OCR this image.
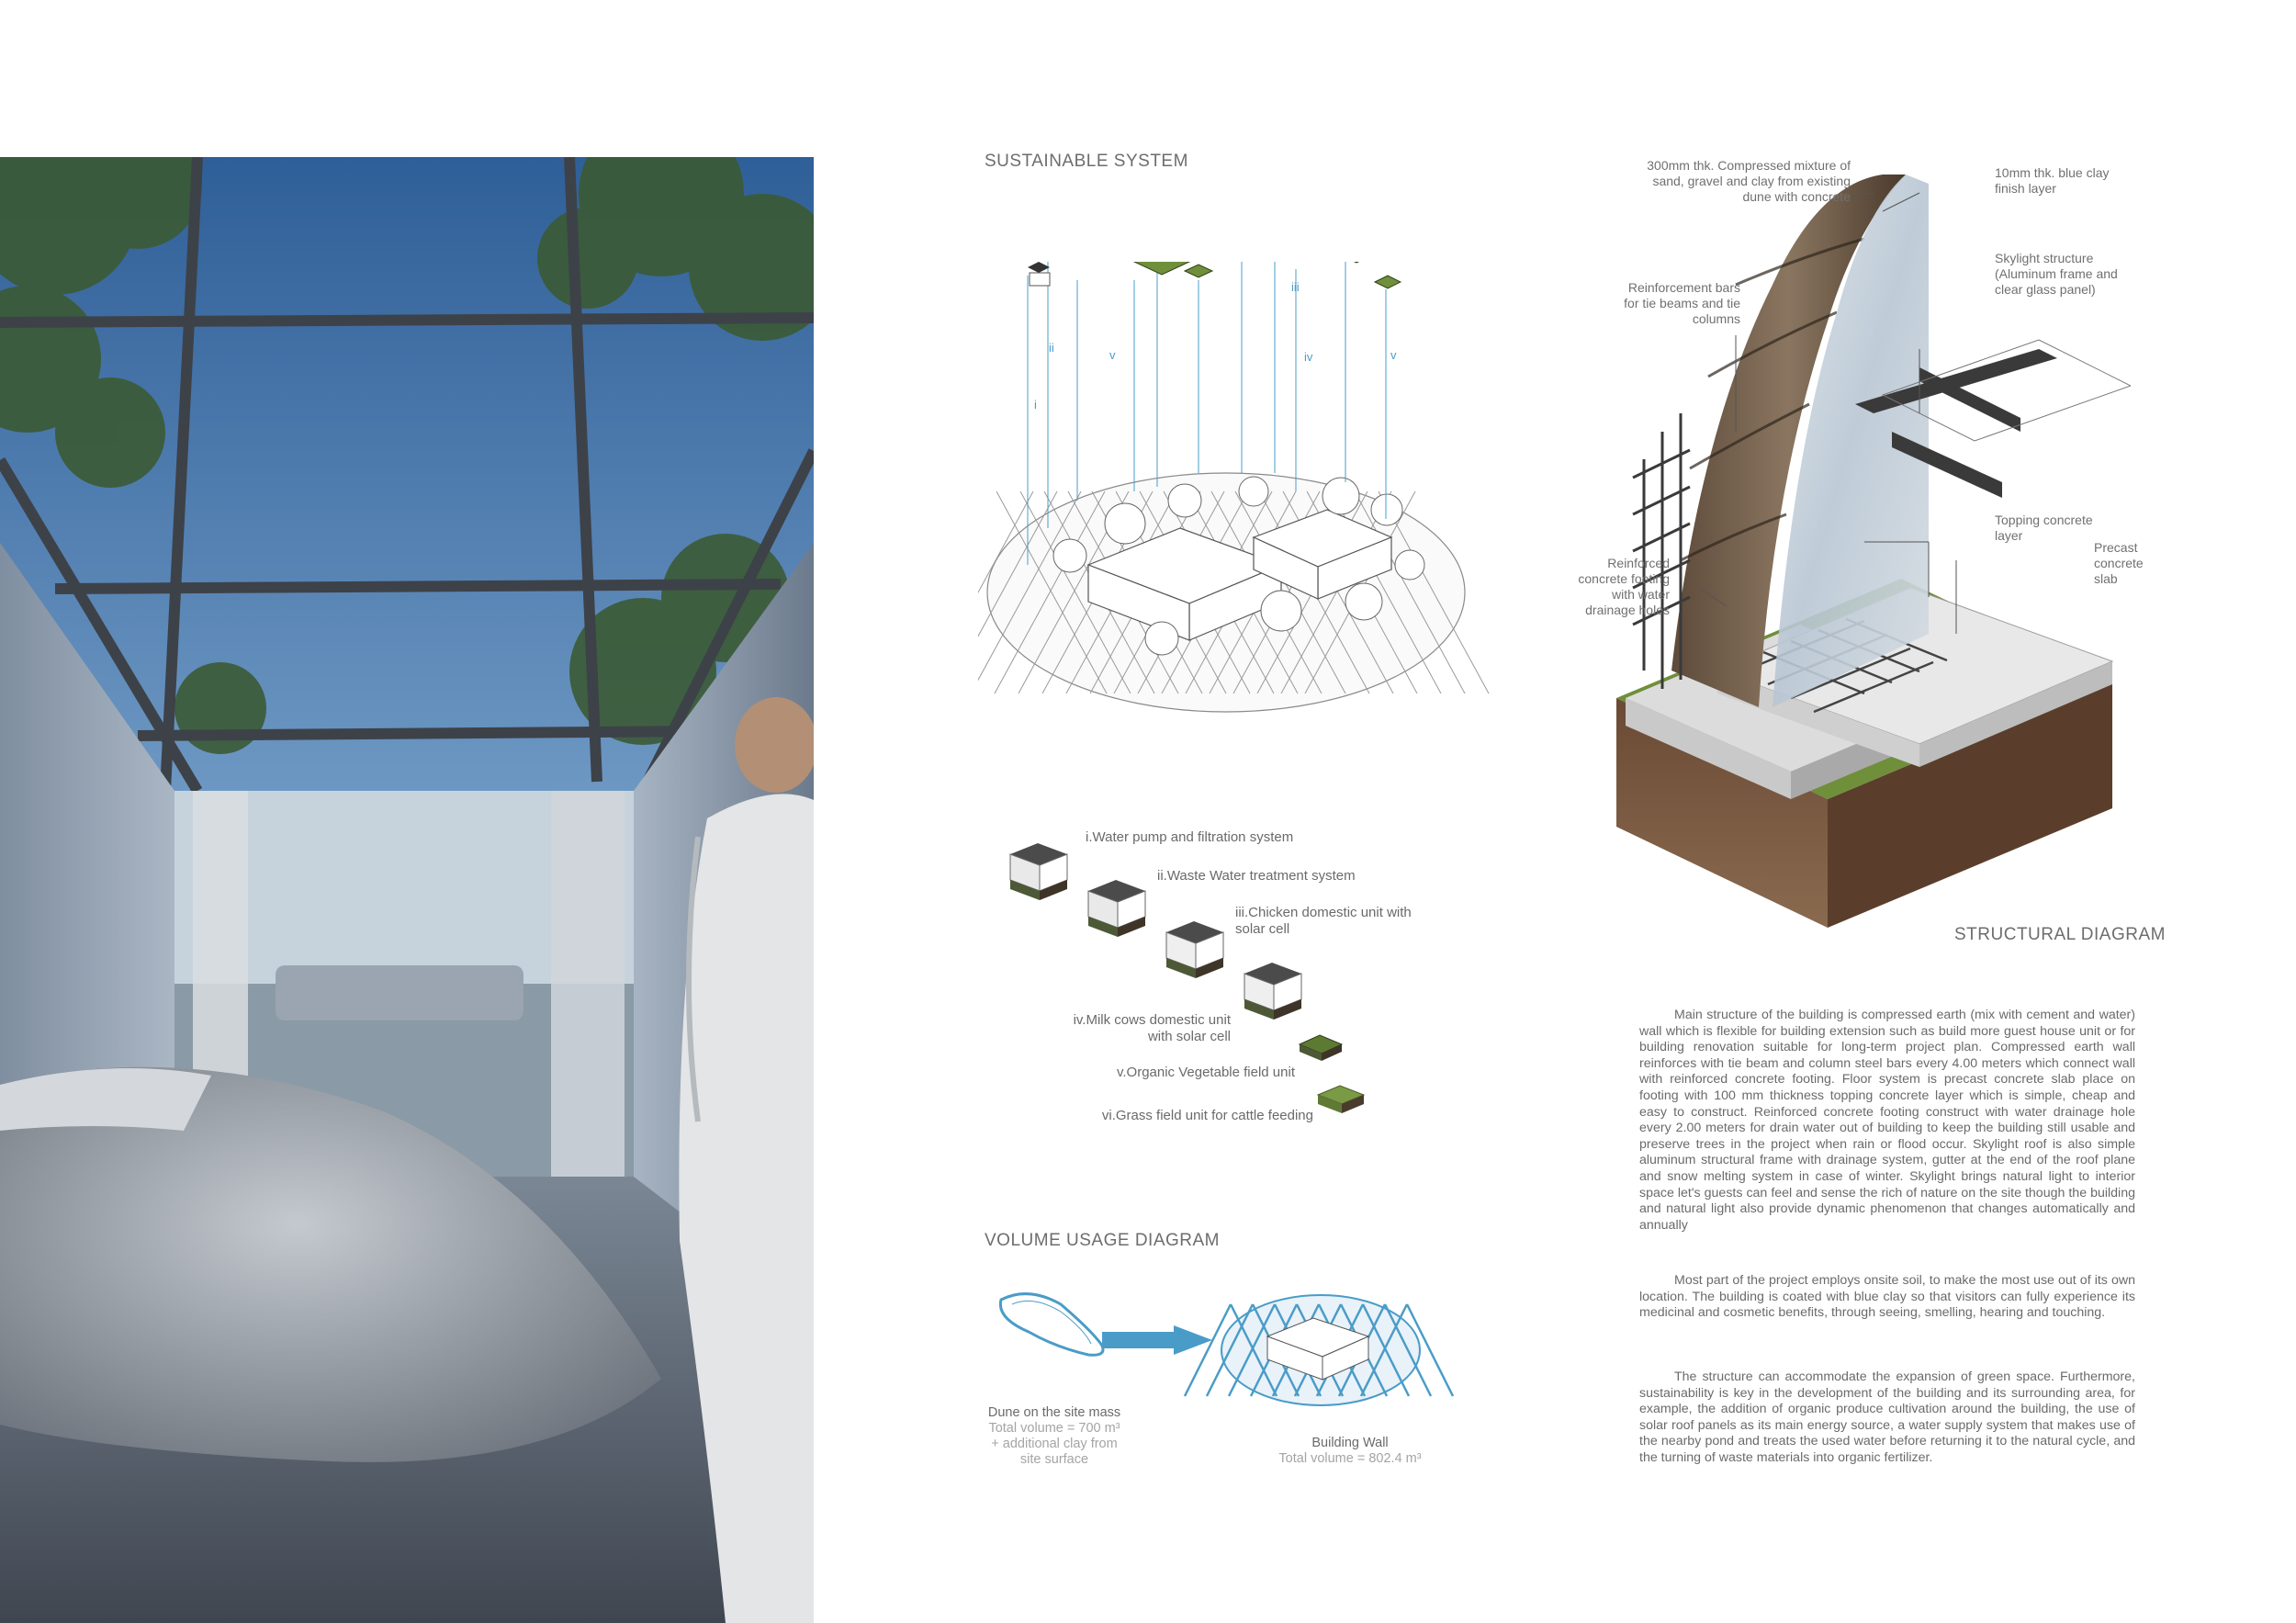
SUSTAINABLE SYSTEM
i
ii
iii
iv
v	v
i.Water pump and filtration system
ii.Waste Water treatment system
iii.Chicken domestic unit with solar cell
iv.Milk cows domestic unit with solar cell
v.Organic Vegetable field unit
vi.Grass field unit for cattle feeding
VOLUME USAGE DIAGRAM
Dune on the site mass
Total volume = 700 m³
+ additional clay from site surface
Building Wall
Total volume = 802.4 m³
300mm thk. Compressed mixture of sand, gravel and clay from existing dune with concrete
10mm thk. blue clay finish layer
Reinforcement bars for tie beams and tie columns
Skylight structure (Aluminum frame and clear glass panel)
Reinforced concrete footing with water drainage holes
Topping concrete layer
Precast concrete slab
STRUCTURAL DIAGRAM
Main structure of the building is compressed earth (mix with cement and water) wall which is flexible for building extension such as build more guest house unit or for building renovation suitable for long-term project plan. Compressed earth wall reinforces with tie beam and column steel bars every 4.00 meters which connect wall with reinforced concrete footing. Floor system is precast concrete slab place on footing with 100 mm thickness topping concrete layer which is simple, cheap and easy to construct. Reinforced concrete footing construct with water drainage hole every 2.00 meters for drain water out of building to keep the building still usable and preserve trees in the project when rain or flood occur. Skylight roof is also simple aluminum structural frame with drainage system, gutter at the end of the roof plane and snow melting system in case of winter. Skylight brings natural light to interior space let's guests can feel and sense the rich of nature on the site though the building and natural light also provide dynamic phenomenon that changes automatically and annually
Most part of the project employs onsite soil, to make the most use out of its own location. The building is coated with blue clay so that visitors can fully experience its medicinal and cosmetic benefits, through seeing, smelling, hearing and touching.
The structure can accommodate the expansion of green space. Furthermore, sustainability is key in the development of the building and its surrounding area, for example, the addition of organic produce cultivation around the building, the use of solar roof panels as its main energy source, a water supply system that makes use of the nearby pond and treats the used water before returning it to the natural cycle, and the turning of waste materials into organic fertilizer.
